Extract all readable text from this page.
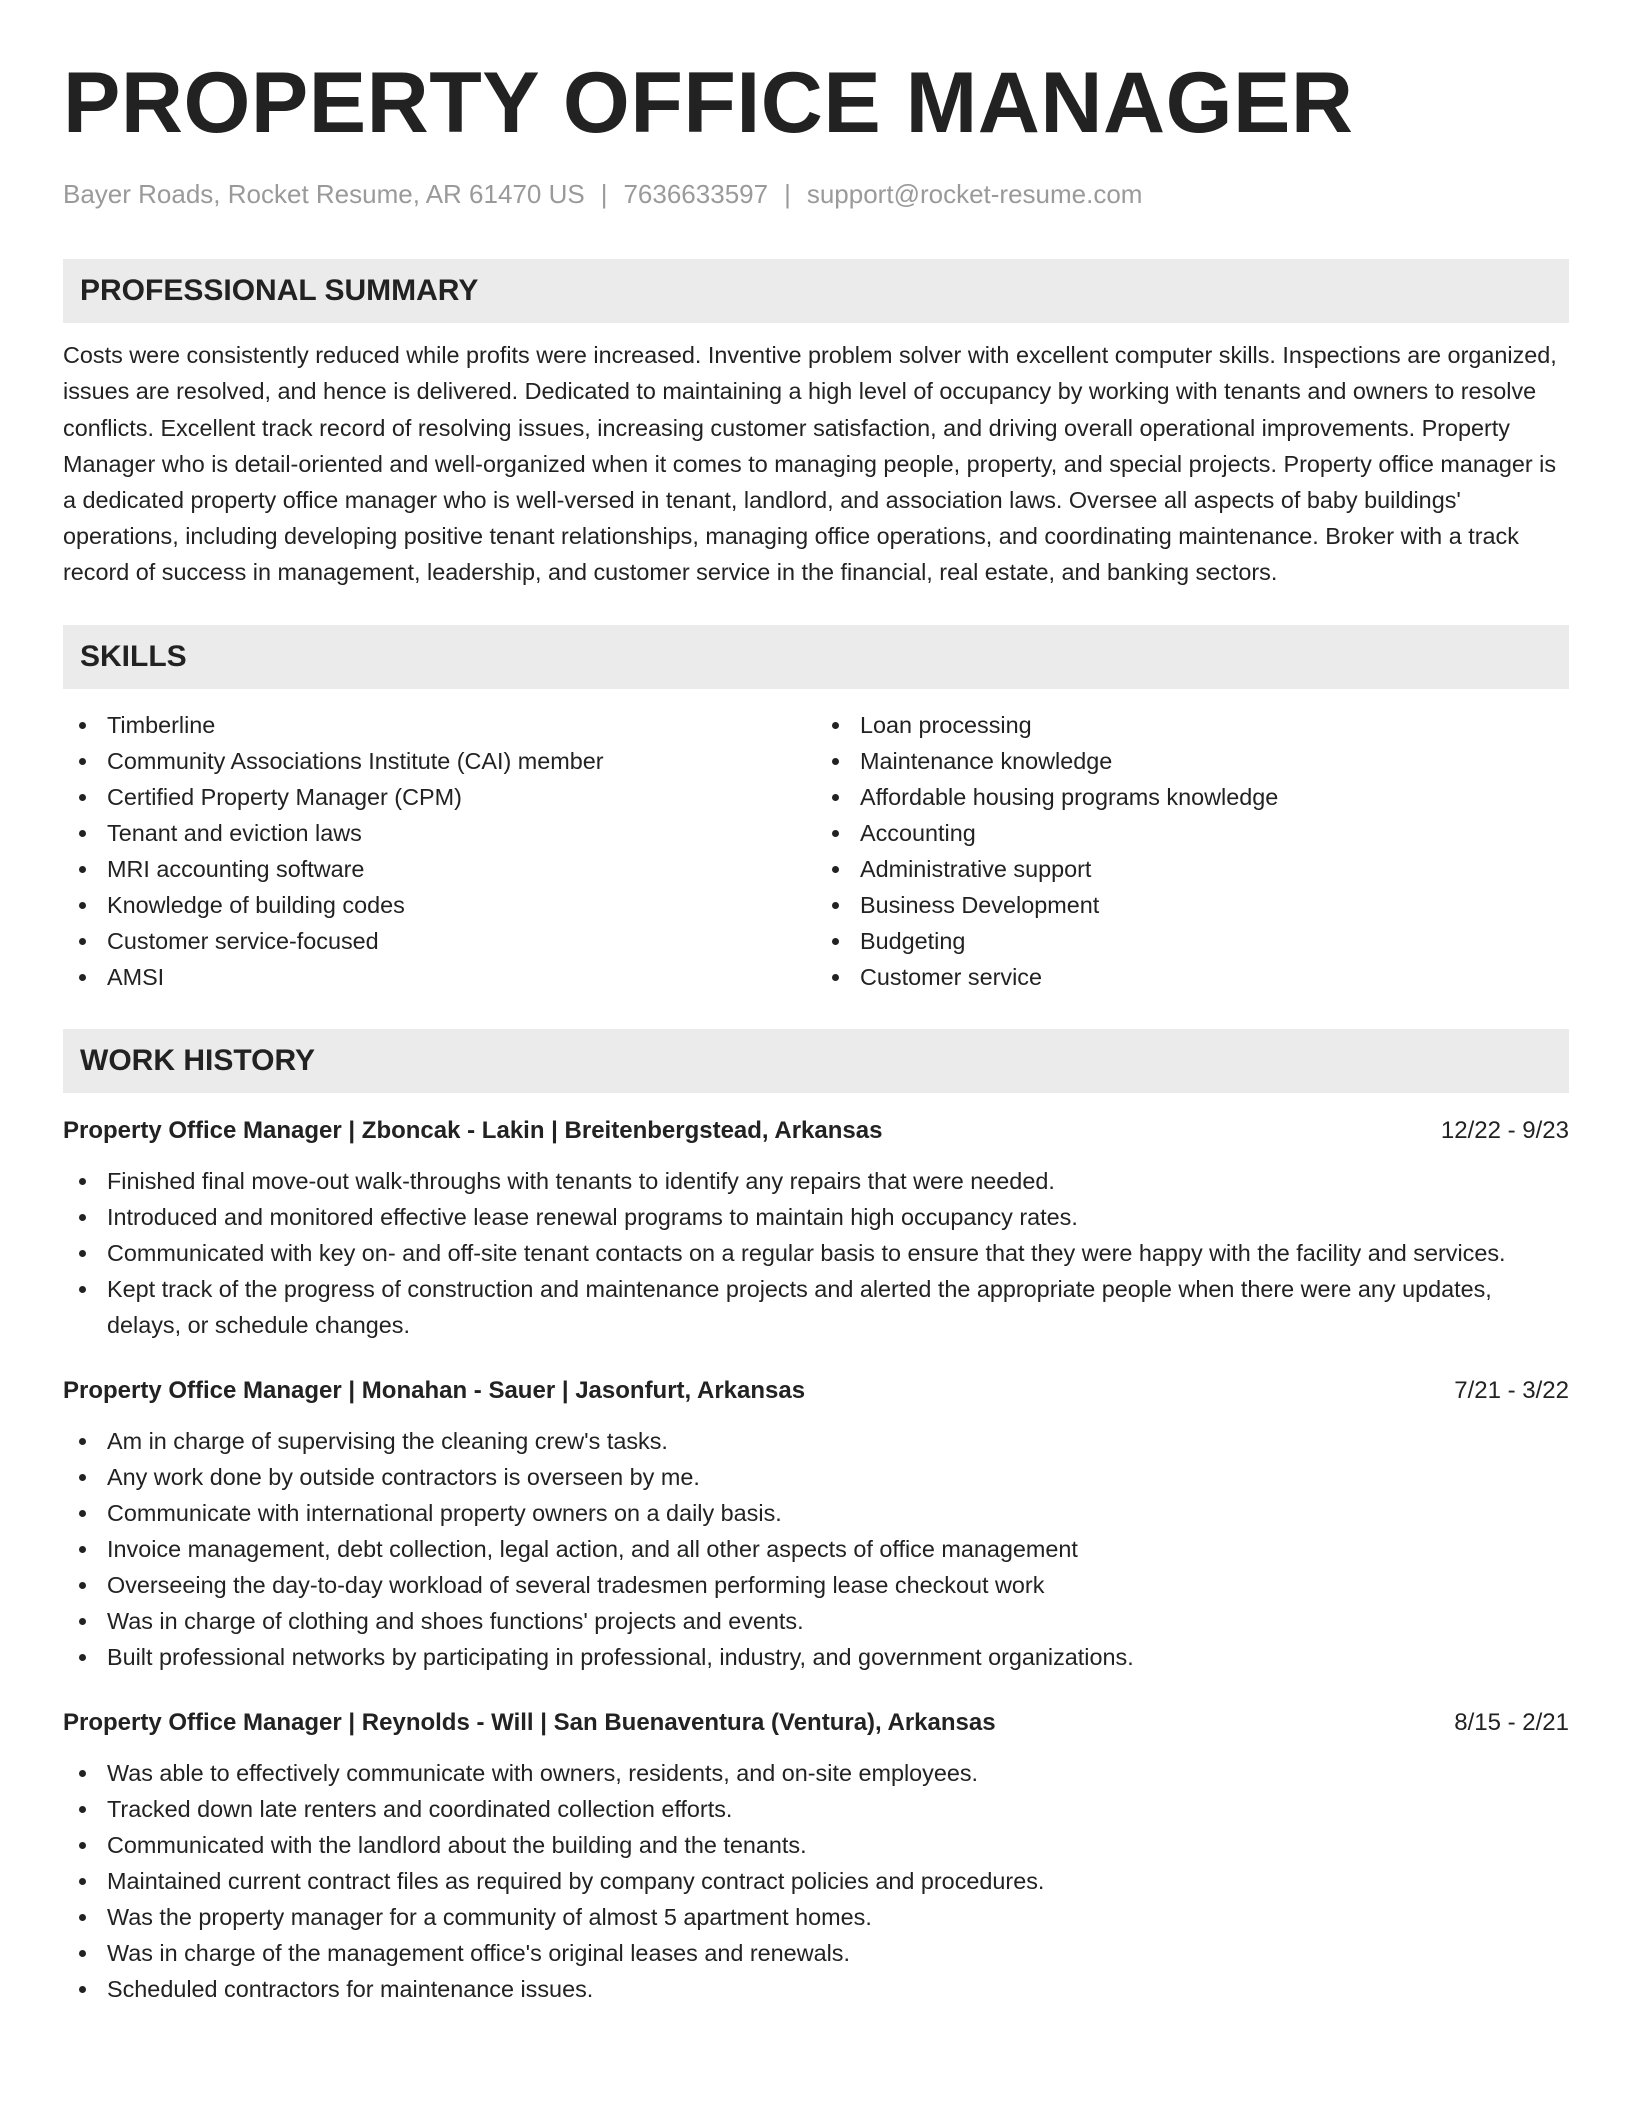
PROPERTY OFFICE MANAGER
Bayer Roads, Rocket Resume, AR 61470 US | 7636633597 | support@rocket-resume.com
PROFESSIONAL SUMMARY

Costs were consistently reduced while profits were increased. Inventive problem solver with excellent computer skills. Inspections are organized, issues are resolved, and hence is delivered. Dedicated to maintaining a high level of occupancy by working with tenants and owners to resolve conflicts. Excellent track record of resolving issues, increasing customer satisfaction, and driving overall operational improvements. Property Manager who is detail-oriented and well-organized when it comes to managing people, property, and special projects. Property office manager is a dedicated property office manager who is well-versed in tenant, landlord, and association laws. Oversee all aspects of baby buildings' operations, including developing positive tenant relationships, managing office operations, and coordinating maintenance. Broker with a track record of success in management, leadership, and customer service in the financial, real estate, and banking sectors.

SKILLS
Timberline
Community Associations Institute (CAI) member
Certified Property Manager (CPM)
Tenant and eviction laws
MRI accounting software
Knowledge of building codes
Customer service-focused
AMSI
Loan processing
Maintenance knowledge
Affordable housing programs knowledge
Accounting
Administrative support
Business Development
Budgeting
Customer service
WORK HISTORY
Property Office Manager | Zboncak - Lakin | Breitenbergstead, Arkansas	12/22 - 9/23
Finished final move-out walk-throughs with tenants to identify any repairs that were needed.
Introduced and monitored effective lease renewal programs to maintain high occupancy rates.
Communicated with key on- and off-site tenant contacts on a regular basis to ensure that they were happy with the facility and services.
Kept track of the progress of construction and maintenance projects and alerted the appropriate people when there were any updates, delays, or schedule changes.
Property Office Manager | Monahan - Sauer | Jasonfurt, Arkansas	7/21 - 3/22
Am in charge of supervising the cleaning crew's tasks.
Any work done by outside contractors is overseen by me.
Communicate with international property owners on a daily basis.
Invoice management, debt collection, legal action, and all other aspects of office management
Overseeing the day-to-day workload of several tradesmen performing lease checkout work
Was in charge of clothing and shoes functions' projects and events.
Built professional networks by participating in professional, industry, and government organizations.
Property Office Manager | Reynolds - Will | San Buenaventura (Ventura), Arkansas	8/15 - 2/21
Was able to effectively communicate with owners, residents, and on-site employees.
Tracked down late renters and coordinated collection efforts.
Communicated with the landlord about the building and the tenants.
Maintained current contract files as required by company contract policies and procedures.
Was the property manager for a community of almost 5 apartment homes.
Was in charge of the management office's original leases and renewals.
Scheduled contractors for maintenance issues.
